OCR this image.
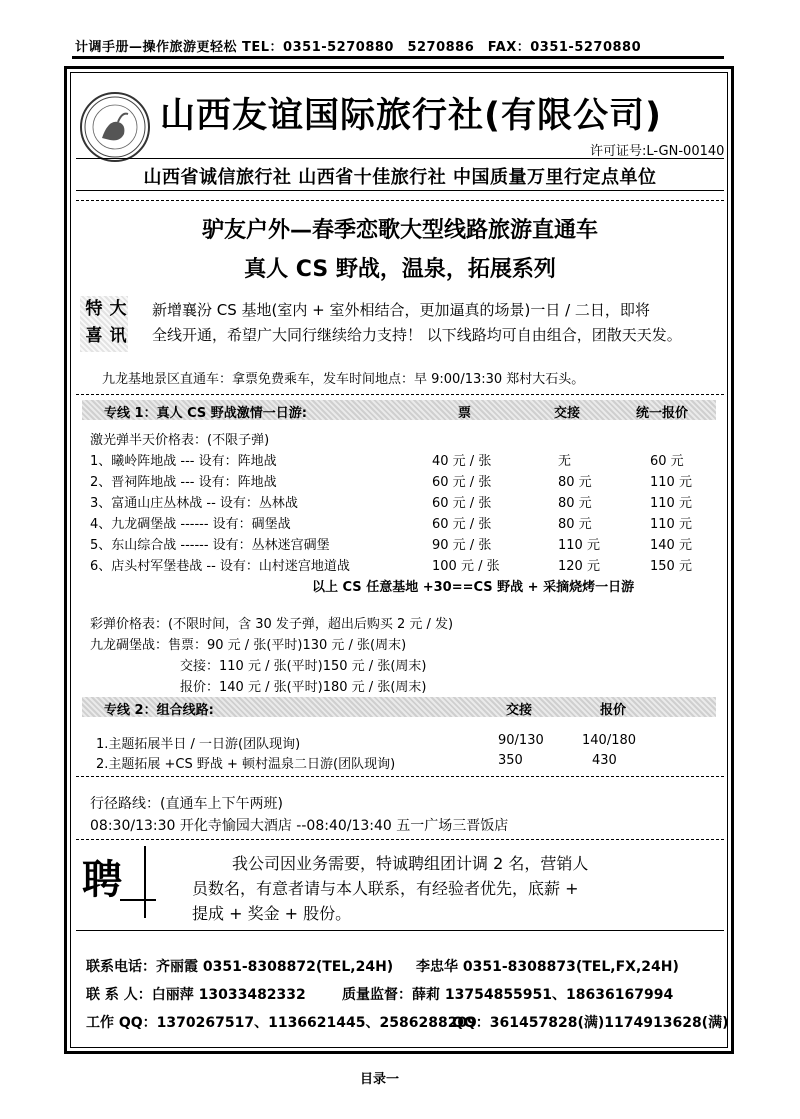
计调手册—操作旅游更轻松 TEL：0351-5270880　5270886　FAX：0351-5270880
山西友谊国际旅行社(有限公司)
许可证号:L-GN-00140
山西省诚信旅行社 山西省十佳旅行社 中国质量万里行定点单位
驴友户外—春季恋歌大型线路旅游直通车
真人 CS 野战，温泉，拓展系列
特 大
喜 讯
新增襄汾 CS 基地(室内 + 室外相结合，更加逼真的场景)一日 / 二日，即将
全线开通，希望广大同行继续给力支持！ 以下线路均可自由组合，团散天天发。
九龙基地景区直通车：拿票免费乘车，发车时间地点：早 9:00/13:30 郑村大石头。
专线 1：真人 CS 野战激情一日游:	票	交接	统一报价
激光弹半天价格表：(不限子弹)
1、曦岭阵地战 --- 设有：阵地战	40 元 / 张	无	60 元
2、晋祠阵地战 --- 设有：阵地战	60 元 / 张	80 元	110 元
3、富通山庄丛林战 -- 设有：丛林战	60 元 / 张	80 元	110 元
4、九龙碉堡战 ------ 设有：碉堡战	60 元 / 张	80 元	110 元
5、东山综合战 ------ 设有：丛林迷宫碉堡	90 元 / 张	110 元	140 元
6、店头村军堡巷战 -- 设有：山村迷宫地道战	100 元 / 张	120 元	150 元
以上 CS 任意基地 +30==CS 野战 + 采摘烧烤一日游
彩弹价格表：(不限时间，含 30 发子弹，超出后购买 2 元 / 发)
九龙碉堡战：售票：90 元 / 张(平时)130 元 / 张(周末)
交接：110 元 / 张(平时)150 元 / 张(周末)
报价：140 元 / 张(平时)180 元 / 张(周末)
专线 2：组合线路:	交接	报价
1.主题拓展半日 / 一日游(团队现询)	90/130	140/180
2.主题拓展 +CS 野战 + 顿村温泉二日游(团队现询)	350	430
行径路线：(直通车上下午两班)
08:30/13:30 开化寺愉园大酒店 --08:40/13:40 五一广场三晋饭店
聘	我公司因业务需要，特诚聘组团计调 2 名，营销人
员数名，有意者请与本人联系，有经验者优先，底薪 +
提成 + 奖金 + 股份。
联系电话：齐丽霞 0351-8308872(TEL,24H) 李忠华 0351-8308873(TEL,FX,24H)
联 系 人：白丽萍 13033482332	质量监督：薛莉 13754855951、18636167994
工作 QQ：1370267517、1136621445、2586288209
QQ：361457828(满)1174913628(满)
目录一
